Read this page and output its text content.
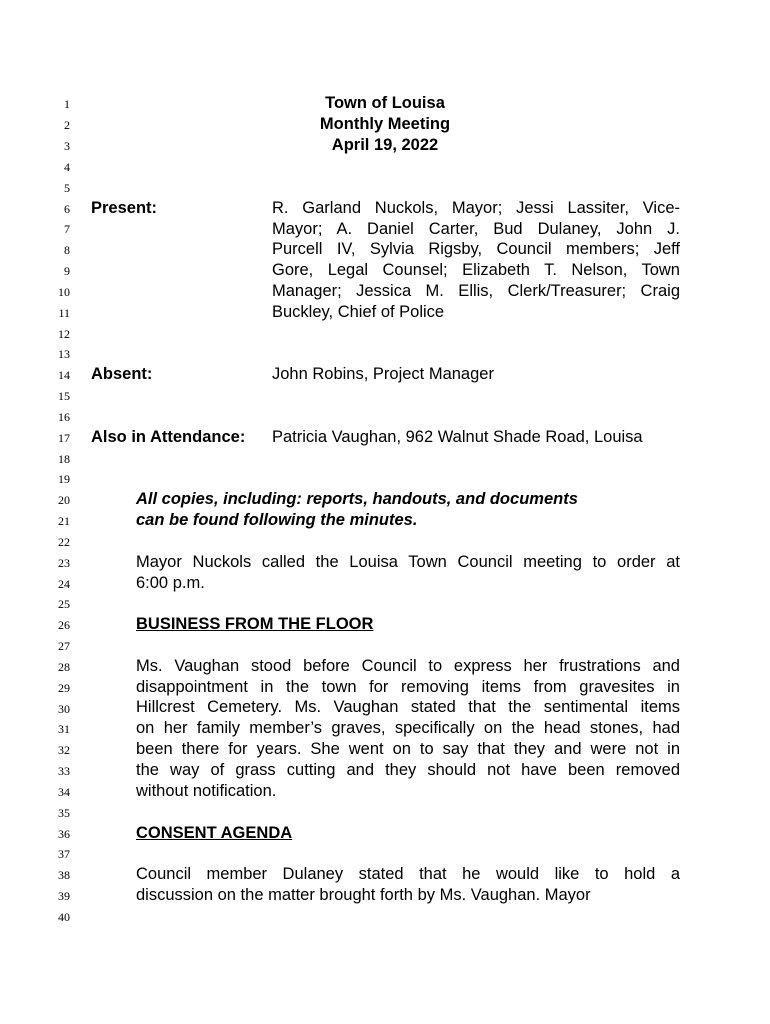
1
2
3
4
5
6
7
8
9
10
11
12
13
14
15
16
17
18
19
20
21
22
23
24
25
26
27
28
29
30
31
32
33
34
35
36
37
38
39
40
Town of Louisa
Monthly Meeting
April 19, 2022
Present:	R. Garland Nuckols, Mayor; Jessi Lassiter, Vice-
Mayor; A. Daniel Carter, Bud Dulaney, John J.
Purcell IV, Sylvia Rigsby, Council members; Jeff
Gore, Legal Counsel; Elizabeth T. Nelson, Town
Manager; Jessica M. Ellis, Clerk/Treasurer; Craig
Buckley, Chief of Police
Absent:	John Robins, Project Manager
Also in Attendance: Patricia Vaughan, 962 Walnut Shade Road, Louisa
All copies, including: reports, handouts, and documents
can be found following the minutes.
Mayor Nuckols called the Louisa Town Council meeting to order at
6:00 p.m.
BUSINESS FROM THE FLOOR
Ms. Vaughan stood before Council to express her frustrations and
disappointment in the town for removing items from gravesites in
Hillcrest Cemetery. Ms. Vaughan stated that the sentimental items
on her family member’s graves, specifically on the head stones, had
been there for years. She went on to say that they and were not in
the way of grass cutting and they should not have been removed
without notification.
CONSENT AGENDA
Council member Dulaney stated that he would like to hold a
discussion on the matter brought forth by Ms. Vaughan. Mayor
